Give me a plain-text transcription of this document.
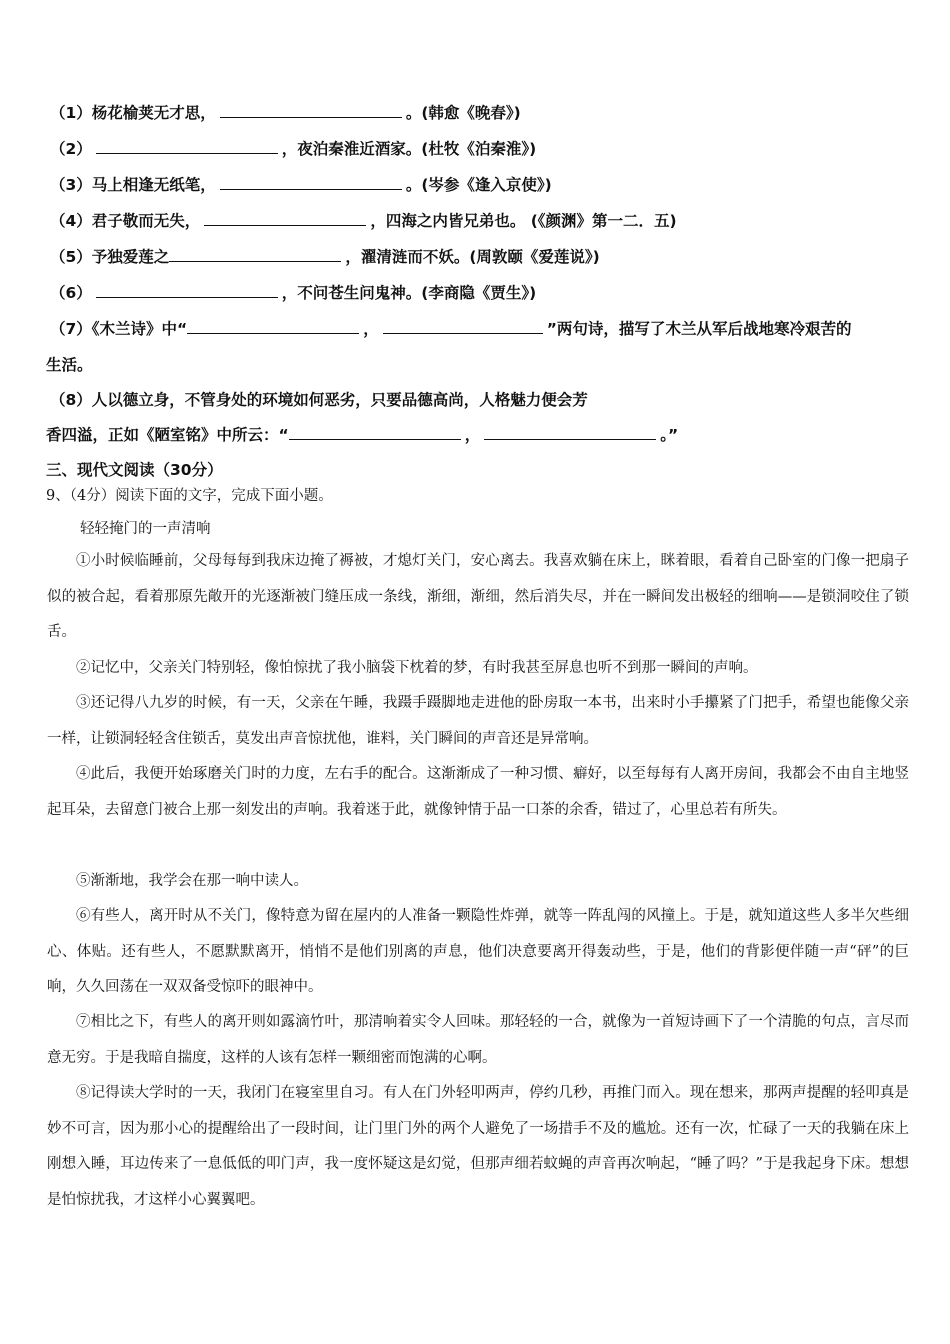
（1）杨花榆荚无才思，	。(韩愈《晚春》)
（2）	，夜泊秦淮近酒家。(杜牧《泊秦淮》)
（3）马上相逢无纸笔，	。(岑参《逢入京使》)
（4）君子敬而无失，	，四海之内皆兄弟也。 (《颜渊》第一二．五)
（5）予独爱莲之	，濯清涟而不妖。(周敦颐《爱莲说》)
（6）	，不问苍生问鬼神。(李商隐《贾生》)
（7）《木兰诗》中“	，	”两句诗，描写了木兰从军后战地寒冷艰苦的
生活。
（8）人以德立身，不管身处的环境如何恶劣，只要品德高尚，人格魅力便会芳
香四溢，正如《陋室铭》中所云：“	，	。”
三、现代文阅读（30分）
9、（4分）阅读下面的文字，完成下面小题。
轻轻掩门的一声清响
①小时候临睡前，父母每每到我床边掩了褥被，才熄灯关门，安心离去。我喜欢躺在床上，眯着眼，看着自己卧室的门像一把扇子似的被合起，看着那原先敞开的光逐渐被门缝压成一条线，渐细，渐细，然后消失尽，并在一瞬间发出极轻的细响——是锁洞咬住了锁舌。
②记忆中，父亲关门特别轻，像怕惊扰了我小脑袋下枕着的梦，有时我甚至屏息也听不到那一瞬间的声响。
③还记得八九岁的时候，有一天，父亲在午睡，我蹑手蹑脚地走进他的卧房取一本书，出来时小手攥紧了门把手，希望也能像父亲一样，让锁洞轻轻含住锁舌，莫发出声音惊扰他，谁料，关门瞬间的声音还是异常响。
④此后，我便开始琢磨关门时的力度，左右手的配合。这渐渐成了一种习惯、癖好，以至每每有人离开房间，我都会不由自主地竖起耳朵，去留意门被合上那一刻发出的声响。我着迷于此，就像钟情于品一口茶的余香，错过了，心里总若有所失。
⑤渐渐地，我学会在那一响中读人。
⑥有些人，离开时从不关门，像特意为留在屋内的人准备一颗隐性炸弹，就等一阵乱闯的风撞上。于是，就知道这些人多半欠些细心、体贴。还有些人，不愿默默离开，悄悄不是他们别离的声息，他们决意要离开得轰动些，于是，他们的背影便伴随一声“砰”的巨响，久久回荡在一双双备受惊吓的眼神中。
⑦相比之下，有些人的离开则如露滴竹叶，那清响着实令人回味。那轻轻的一合，就像为一首短诗画下了一个清脆的句点，言尽而意无穷。于是我暗自揣度，这样的人该有怎样一颗细密而饱满的心啊。
⑧记得读大学时的一天，我闭门在寝室里自习。有人在门外轻叩两声，停约几秒，再推门而入。现在想来，那两声提醒的轻叩真是妙不可言，因为那小心的提醒给出了一段时间，让门里门外的两个人避免了一场措手不及的尴尬。还有一次，忙碌了一天的我躺在床上刚想入睡，耳边传来了一息低低的叩门声，我一度怀疑这是幻觉，但那声细若蚊蝇的声音再次响起，“睡了吗？”于是我起身下床。想想是怕惊扰我，才这样小心翼翼吧。
